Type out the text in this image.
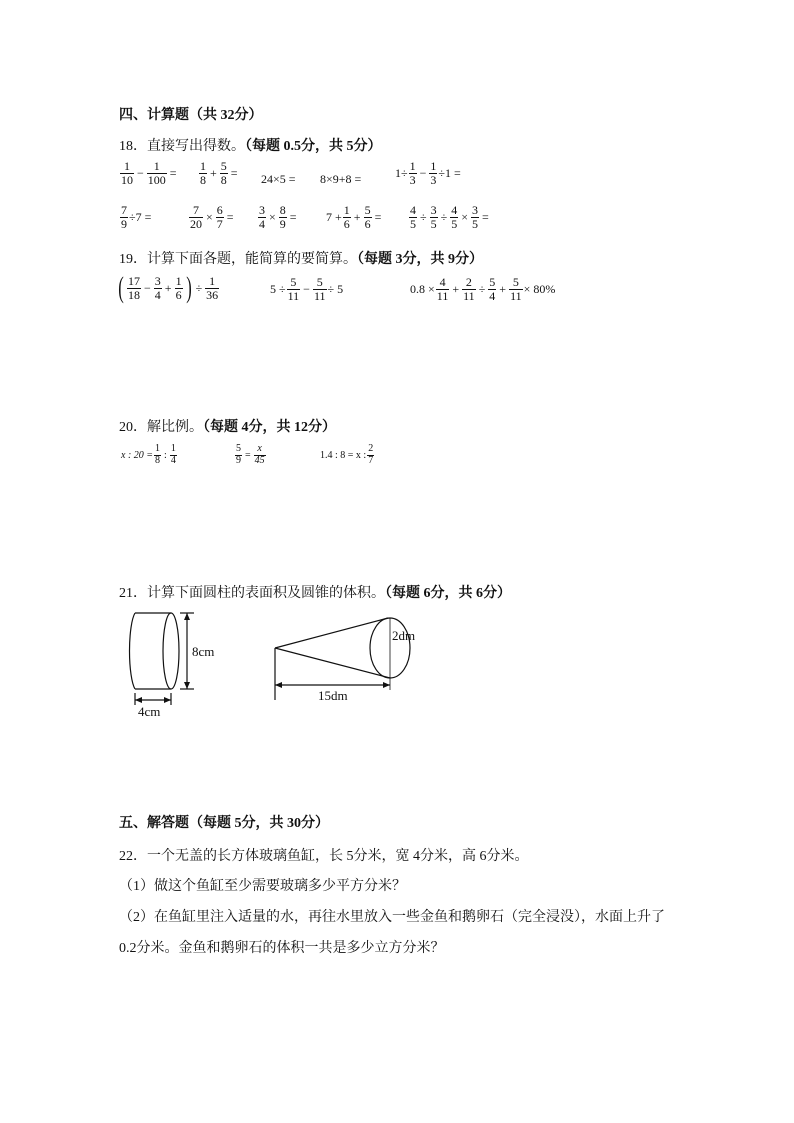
四、计算题（共 32分）
18．直接写出得数。（每题 0.5分，共 5分）
$\frac{1}{10} - \frac{1}{100} = \frac{1}{8} + \frac{5}{8} = 24\times 5 = 8\times 9+8$ =	$1\div \frac{1}{3} - \frac{1}{3} \div 1$ =
$\frac{7}{9} \div 7$ =	$\frac{7}{20} \times \frac{6}{7} = \frac{3}{4} \times \frac{8}{9} = 7 + \frac{1}{6} + \frac{5}{6} = \frac{4}{5} \div \frac{3}{5} \div \frac{4}{5} \times \frac{3}{5}$ =
19．计算下面各题，能简算的要简算。（每题 3分，共 9分）
( $\frac{17}{18} - \frac{3}{4} + \frac{1}{6}$ ) ÷ $\frac{1}{36}$	$5 \div \frac{5}{11} - \frac{5}{11} \div 5$	$0.8 \times \frac{4}{11} + \frac{2}{11} \div \frac{5}{4} + \frac{5}{11} \times 80\%$
20．解比例。（每题 4分，共 12分）
x : $20 = \frac{1}{8}$ : $\frac{1}{4}$	$\frac{5}{9} = \frac{x}{45}$	1.4 : 8 = x : $\frac{2}{7}$
21．计算下面圆柱的表面积及圆锥的体积。（每题 6分，共 6分）
8cm
4cm
2dm
15dm
五、解答题（每题 5分，共 30分）
22．一个无盖的长方体玻璃鱼缸，长 5分米，宽 4分米，高 6分米。
（1）做这个鱼缸至少需要玻璃多少平方分米？
（2）在鱼缸里注入适量的水，再往水里放入一些金鱼和鹅卵石（完全浸没），水面上升了
0.2分米。金鱼和鹅卵石的体积一共是多少立方分米？
